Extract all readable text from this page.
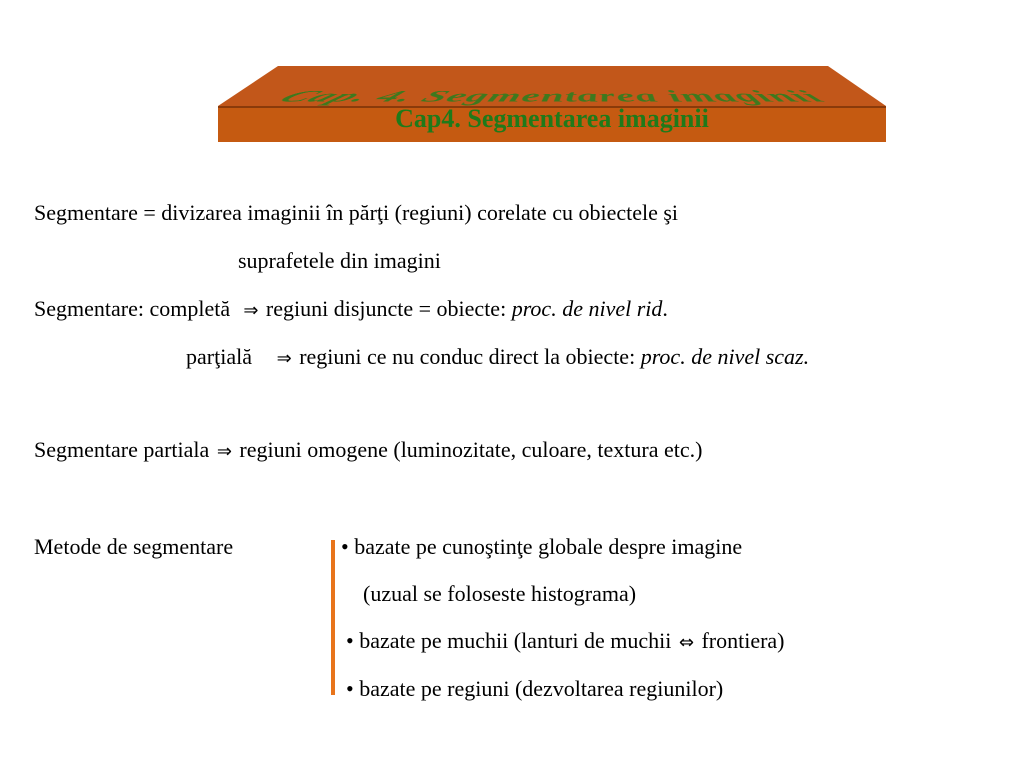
Cap. 4. Segmentarea imaginii
Cap4. Segmentarea imaginii
Segmentare = divizarea imaginii în părţi (regiuni) corelate cu obiectele şi
suprafetele din imagini
Segmentare: completă  ⇒ regiuni disjuncte = obiecte: proc. de nivel rid.
parţială    ⇒ regiuni ce nu conduc direct la obiecte: proc. de nivel scaz.
Segmentare partiala ⇒ regiuni omogene (luminozitate, culoare, textura etc.)
Metode de segmentare	• bazate pe cunoştinţe globale despre imagine
(uzual se foloseste histograma)
• bazate pe muchii (lanturi de muchii ⇔ frontiera)
• bazate pe regiuni (dezvoltarea regiunilor)
